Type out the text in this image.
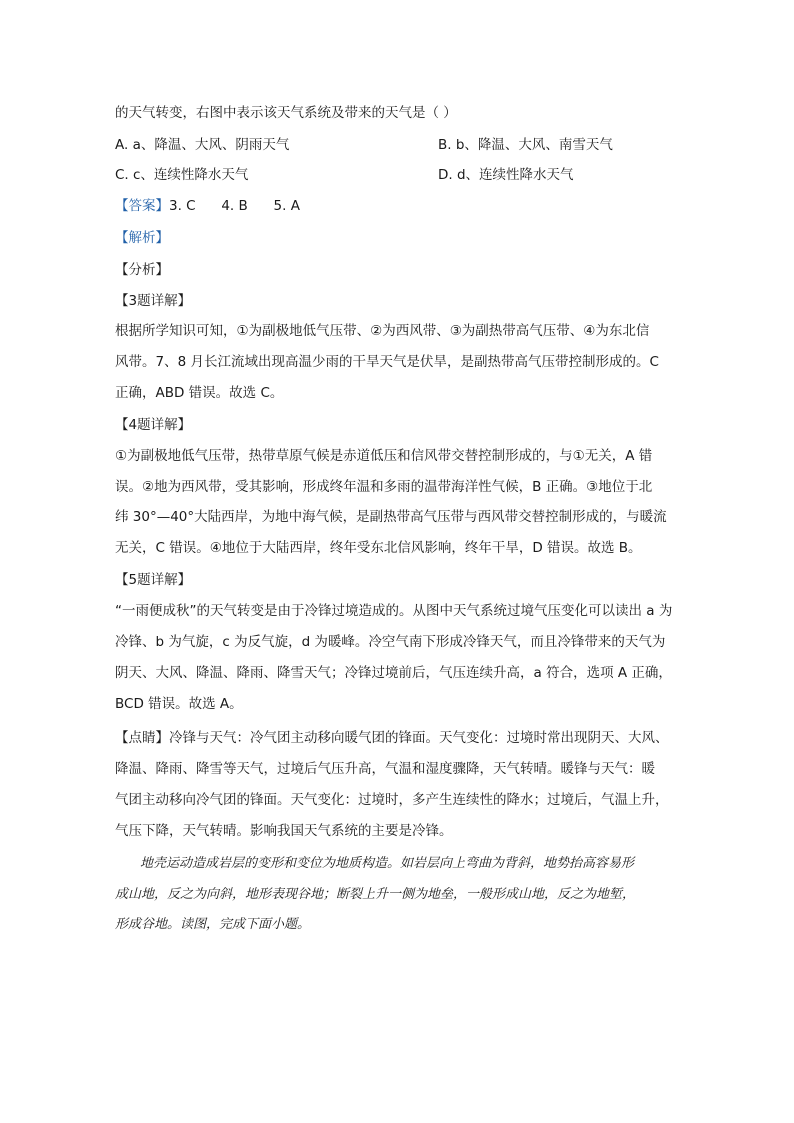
的天气转变，右图中表示该天气系统及带来的天气是（ ）
A. a、降温、大风、阴雨天气	B. b、降温、大风、南雪天气
C. c、连续性降水天气	D. d、连续性降水天气
【答案】3. C      4. B      5. A
【解析】
【分析】
【3题详解】
根据所学知识可知，①为副极地低气压带、②为西风带、③为副热带高气压带、④为东北信
风带。7、8 月长江流域出现高温少雨的干旱天气是伏旱，是副热带高气压带控制形成的。C
正确，ABD 错误。故选 C。
【4题详解】
①为副极地低气压带，热带草原气候是赤道低压和信风带交替控制形成的，与①无关，A 错
误。②地为西风带，受其影响，形成终年温和多雨的温带海洋性气候，B 正确。③地位于北
纬 30°—40°大陆西岸，为地中海气候，是副热带高气压带与西风带交替控制形成的，与暖流
无关，C 错误。④地位于大陆西岸，终年受东北信风影响，终年干旱，D 错误。故选 B。
【5题详解】
“一雨便成秋”的天气转变是由于冷锋过境造成的。从图中天气系统过境气压变化可以读出 a 为
冷锋、b 为气旋，c 为反气旋，d 为暖峰。冷空气南下形成冷锋天气，而且冷锋带来的天气为
阴天、大风、降温、降雨、降雪天气；冷锋过境前后，气压连续升高，a 符合，选项 A 正确，
BCD 错误。故选 A。
【点睛】冷锋与天气：冷气团主动移向暖气团的锋面。天气变化：过境时常出现阴天、大风、
降温、降雨、降雪等天气，过境后气压升高，气温和湿度骤降，天气转晴。暖锋与天气：暖
气团主动移向冷气团的锋面。天气变化：过境时，多产生连续性的降水；过境后，气温上升，
气压下降，天气转晴。影响我国天气系统的主要是冷锋。
地壳运动造成岩层的变形和变位为地质构造。如岩层向上弯曲为背斜，地势抬高容易形
成山地，反之为向斜，地形表现谷地；断裂上升一侧为地垒，一般形成山地，反之为地堑，
形成谷地。读图，完成下面小题。
